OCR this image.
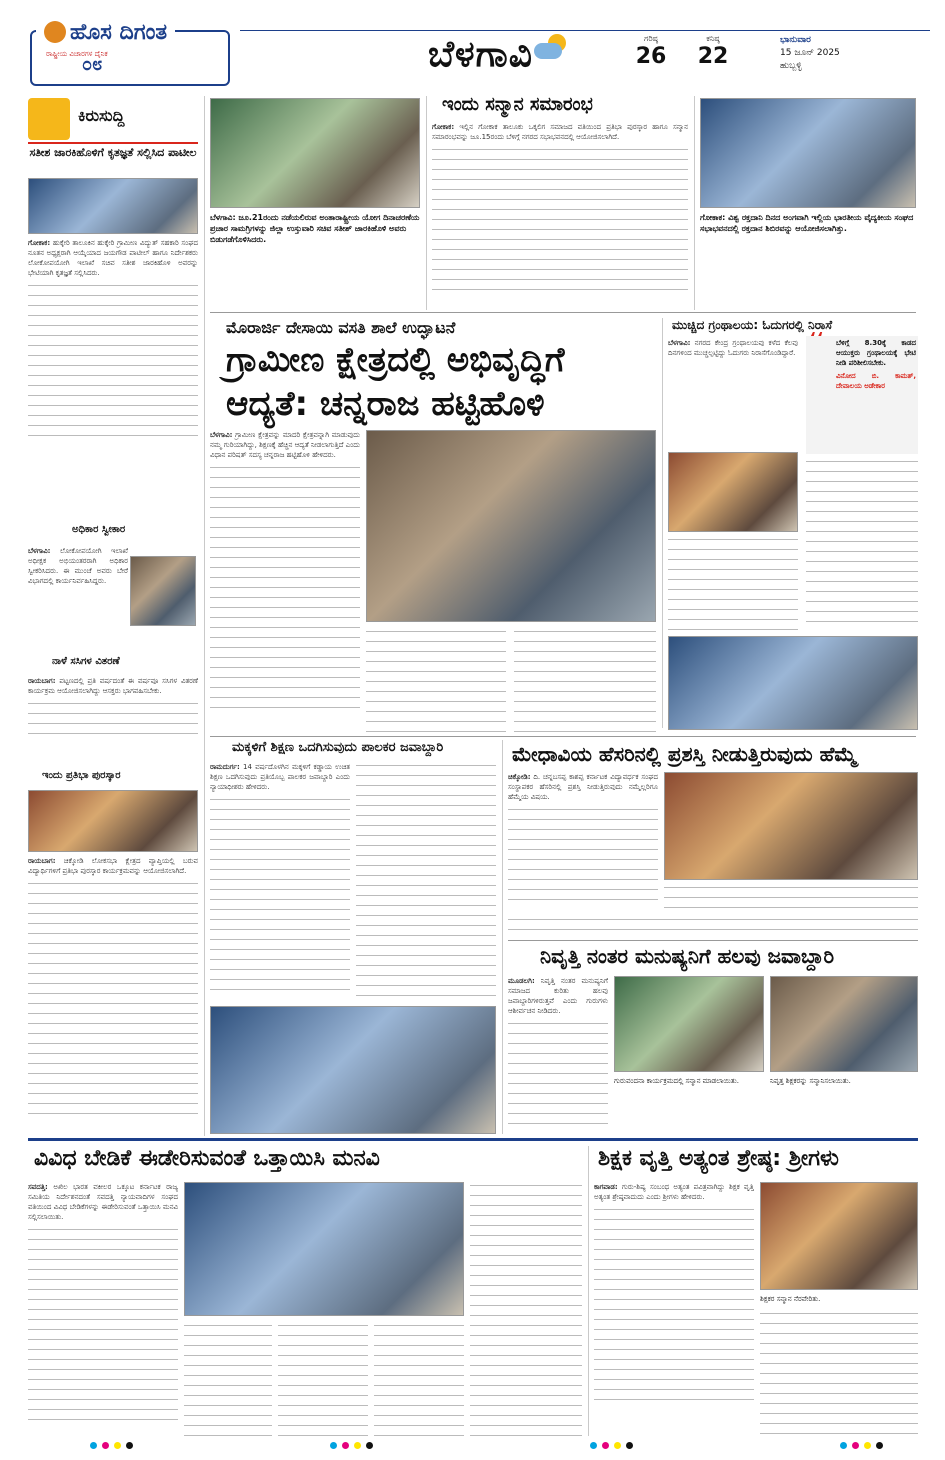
ಹೊಸ ದಿಗಂತ
ರಾಷ್ಟ್ರೀಯ ವಿಚಾರಗಳ ದೈನಿಕ
೦೮	ಬೆಳಗಾವಿ	ಗರಿಷ್ಠ
26
ಕನಿಷ್ಠ
22
ಭಾನುವಾರ
15 ಜೂನ್ 2025
ಹುಬ್ಬಳ್ಳಿ
ಕಿರುಸುದ್ದಿ
ಸತೀಶ ಜಾರಕಿಹೊಳಿಗೆ ಕೃತಜ್ಞತೆ ಸಲ್ಲಿಸಿದ ಪಾಟೀಲ
ಗೋಕಾಕ: ಹುಕ್ಕೇರಿ ತಾಲೂಕಿನ ಹುಕ್ಕೇರಿ ಗ್ರಾಮೀಣ ವಿದ್ಯುತ್ ಸಹಕಾರಿ ಸಂಘದ ನೂತನ ಅಧ್ಯಕ್ಷರಾಗಿ ಆಯ್ಕೆಯಾದ ಜಯಗೌಡ ಪಾಟೀಲ್ ಹಾಗೂ ನಿರ್ದೇಶಕರು ಲೋಕೋಪಯೋಗಿ ಇಲಾಖೆ ಸಚಿವ ಸತೀಶ ಜಾರಕಿಹೊಳಿ ಅವರನ್ನು ಭೇಟಿಯಾಗಿ ಕೃತಜ್ಞತೆ ಸಲ್ಲಿಸಿದರು.
ಅಧಿಕಾರ ಸ್ವೀಕಾರ
ಬೆಳಗಾವಿ: ಲೋಕೋಪಯೋಗಿ ಇಲಾಖೆ ಅಧೀಕ್ಷಕ ಅಭಿಯಂತರರಾಗಿ ಅಧಿಕಾರ ಸ್ವೀಕರಿಸಿದರು. ಈ ಮುಂಚೆ ಅವರು ಬೇರೆ ವಿಭಾಗದಲ್ಲಿ ಕಾರ್ಯನಿರ್ವಹಿಸಿದ್ದರು.
ನಾಳೆ ಸಸಿಗಳ ವಿತರಣೆ
ರಾಯಬಾಗ: ಪಟ್ಟಣದಲ್ಲಿ ಪ್ರತಿ ವರ್ಷದಂತೆ ಈ ವರ್ಷವೂ ಸಸಿಗಳ ವಿತರಣೆ ಕಾರ್ಯಕ್ರಮ ಆಯೋಜಿಸಲಾಗಿದ್ದು ಆಸಕ್ತರು ಭಾಗವಹಿಸಬೇಕು.
ಇಂದು ಪ್ರತಿಭಾ ಪುರಸ್ಕಾರ
ರಾಯಬಾಗ: ಚಿಕ್ಕೋಡಿ ಲೋಕಸಭಾ ಕ್ಷೇತ್ರದ ವ್ಯಾಪ್ತಿಯಲ್ಲಿ ಬರುವ ವಿದ್ಯಾರ್ಥಿಗಳಿಗೆ ಪ್ರತಿಭಾ ಪುರಸ್ಕಾರ ಕಾರ್ಯಕ್ರಮವನ್ನು ಆಯೋಜಿಸಲಾಗಿದೆ.
ಬೆಳಗಾವಿ: ಜೂ.21ರಂದು ನಡೆಯಲಿರುವ ಅಂತಾರಾಷ್ಟ್ರೀಯ ಯೋಗ ದಿನಾಚರಣೆಯ ಪ್ರಚಾರ ಸಾಮಗ್ರಿಗಳನ್ನು ಜಿಲ್ಲಾ ಉಸ್ತುವಾರಿ ಸಚಿವ ಸತೀಶ್ ಜಾರಕಿಹೊಳಿ ಅವರು ಬಿಡುಗಡೆಗೊಳಿಸಿದರು.
ಇಂದು ಸನ್ಮಾನ ಸಮಾರಂಭ
ಗೋಕಾಕ: ಇಲ್ಲಿನ ಗೋಕಾಕ ತಾಲೂಕು ಒಕ್ಕಲಿಗ ಸಮಾಜದ ವತಿಯಿಂದ ಪ್ರತಿಭಾ ಪುರಸ್ಕಾರ ಹಾಗೂ ಸನ್ಮಾನ ಸಮಾರಂಭವನ್ನು ಜೂ.15ರಂದು ಬೆಳಿಗ್ಗೆ ನಗರದ ಸಭಾಭವನದಲ್ಲಿ ಆಯೋಜಿಸಲಾಗಿದೆ.
ಗೋಕಾಕ: ವಿಶ್ವ ರಕ್ತದಾನಿ ದಿನದ ಅಂಗವಾಗಿ ಇಲ್ಲಿಯ ಭಾರತೀಯ ವೈದ್ಯಕೀಯ ಸಂಘದ ಸಭಾಭವನದಲ್ಲಿ ರಕ್ತದಾನ ಶಿಬಿರವನ್ನು ಆಯೋಜಿಸಲಾಗಿತ್ತು.
ಮೊರಾರ್ಜಿ ದೇಸಾಯಿ ವಸತಿ ಶಾಲೆ ಉದ್ಘಾಟನೆ
ಗ್ರಾಮೀಣ ಕ್ಷೇತ್ರದಲ್ಲಿ ಅಭಿವೃದ್ಧಿಗೆ
ಆದ್ಯತೆ: ಚನ್ನರಾಜ ಹಟ್ಟಿಹೊಳಿ
ಬೆಳಗಾವಿ: ಗ್ರಾಮೀಣ ಕ್ಷೇತ್ರವನ್ನು ಮಾದರಿ ಕ್ಷೇತ್ರವನ್ನಾಗಿ ಮಾಡುವುದು ನಮ್ಮ ಗುರಿಯಾಗಿದ್ದು, ಶಿಕ್ಷಣಕ್ಕೆ ಹೆಚ್ಚಿನ ಆದ್ಯತೆ ನೀಡಲಾಗುತ್ತಿದೆ ಎಂದು ವಿಧಾನ ಪರಿಷತ್ ಸದಸ್ಯ ಚನ್ನರಾಜ ಹಟ್ಟಿಹೊಳಿ ಹೇಳಿದರು.
ಮುಚ್ಚಿದ ಗ್ರಂಥಾಲಯ: ಓದುಗರಲ್ಲಿ ನಿರಾಸೆ
ಬೆಳಗಾವಿ: ನಗರದ ಕೇಂದ್ರ ಗ್ರಂಥಾಲಯವು ಕಳೆದ ಕೆಲವು ದಿನಗಳಿಂದ ಮುಚ್ಚಲ್ಪಟ್ಟಿದ್ದು ಓದುಗರು ನಿರಾಸೆಗೊಂಡಿದ್ದಾರೆ.
ಬೆಳಿಗ್ಗೆ 8.30ಕ್ಕೆ ಕಾಡದ ಆಯುಕ್ತರು ಗ್ರಂಥಾಲಯಕ್ಕೆ ಭೇಟಿ ನೀಡಿ ಪರಿಶೀಲಿಸಬೇಕು.
ವಿನೋದ ಬಿ. ಕಾಮತ್, ದೇವಾಲಯ ಅಡೇಕಾರ
ಮಕ್ಕಳಿಗೆ ಶಿಕ್ಷಣ ಒದಗಿಸುವುದು ಪಾಲಕರ ಜವಾಬ್ದಾರಿ
ರಾಮದುರ್ಗ: 14 ವರ್ಷದೊಳಗಿನ ಮಕ್ಕಳಿಗೆ ಕಡ್ಡಾಯ ಉಚಿತ ಶಿಕ್ಷಣ ಒದಗಿಸುವುದು ಪ್ರತಿಯೊಬ್ಬ ಪಾಲಕರ ಜವಾಬ್ದಾರಿ ಎಂದು ನ್ಯಾಯಾಧೀಶರು ಹೇಳಿದರು.
ಮೇಧಾವಿಯ ಹೆಸರಿನಲ್ಲಿ ಪ್ರಶಸ್ತಿ ನೀಡುತ್ತಿರುವುದು ಹೆಮ್ಮೆ
ಚಿಕ್ಕೋಡಿ: ದಿ. ಚನ್ನಬಸಪ್ಪ ಕಾಶಪ್ಪ ಕರ್ನಾಟಕ ವಿದ್ಯಾವರ್ಧಕ ಸಂಘದ ಸಂಸ್ಥಾಪಕರ ಹೆಸರಿನಲ್ಲಿ ಪ್ರಶಸ್ತಿ ನೀಡುತ್ತಿರುವುದು ನಮ್ಮೆಲ್ಲರಿಗೂ ಹೆಮ್ಮೆಯ ವಿಷಯ.
ನಿವೃತ್ತಿ ನಂತರ ಮನುಷ್ಯನಿಗೆ ಹಲವು ಜವಾಬ್ದಾರಿ
ಮೂಡಲಗಿ: ನಿವೃತ್ತಿ ನಂತರ ಮನುಷ್ಯನಿಗೆ ಸಮಾಜದ ಕುರಿತು ಹಲವು ಜವಾಬ್ದಾರಿಗಳಿರುತ್ತವೆ ಎಂದು ಗುರುಗಳು ಆಶೀರ್ವಚನ ನೀಡಿದರು.
ಗುರುವಂದನಾ ಕಾರ್ಯಕ್ರಮದಲ್ಲಿ ಸನ್ಮಾನ ಮಾಡಲಾಯಿತು.	ನಿವೃತ್ತ ಶಿಕ್ಷಕರನ್ನು ಸನ್ಮಾನಿಸಲಾಯಿತು.
ವಿವಿಧ ಬೇಡಿಕೆ ಈಡೇರಿಸುವಂತೆ ಒತ್ತಾಯಿಸಿ ಮನವಿ
ಸವದತ್ತಿ: ಅಖಿಲ ಭಾರತ ವಕೀಲರ ಒಕ್ಕೂಟ ಕರ್ನಾಟಕ ರಾಜ್ಯ ಸಮಿತಿಯ ನಿರ್ದೇಶನದಂತೆ ಸವದತ್ತಿ ನ್ಯಾಯವಾದಿಗಳ ಸಂಘದ ವತಿಯಿಂದ ವಿವಿಧ ಬೇಡಿಕೆಗಳನ್ನು ಈಡೇರಿಸುವಂತೆ ಒತ್ತಾಯಿಸಿ ಮನವಿ ಸಲ್ಲಿಸಲಾಯಿತು.
ಶಿಕ್ಷಕ ವೃತ್ತಿ ಅತ್ಯಂತ ಶ್ರೇಷ್ಠ: ಶ್ರೀಗಳು
ಕಾಗವಾಡ: ಗುರು-ಶಿಷ್ಯ ಸಂಬಂಧ ಅತ್ಯಂತ ಪವಿತ್ರವಾಗಿದ್ದು ಶಿಕ್ಷಕ ವೃತ್ತಿ ಅತ್ಯಂತ ಶ್ರೇಷ್ಠವಾದುದು ಎಂದು ಶ್ರೀಗಳು ಹೇಳಿದರು.
ಶಿಕ್ಷಕರ ಸನ್ಮಾನ ನೆರವೇರಿತು.
